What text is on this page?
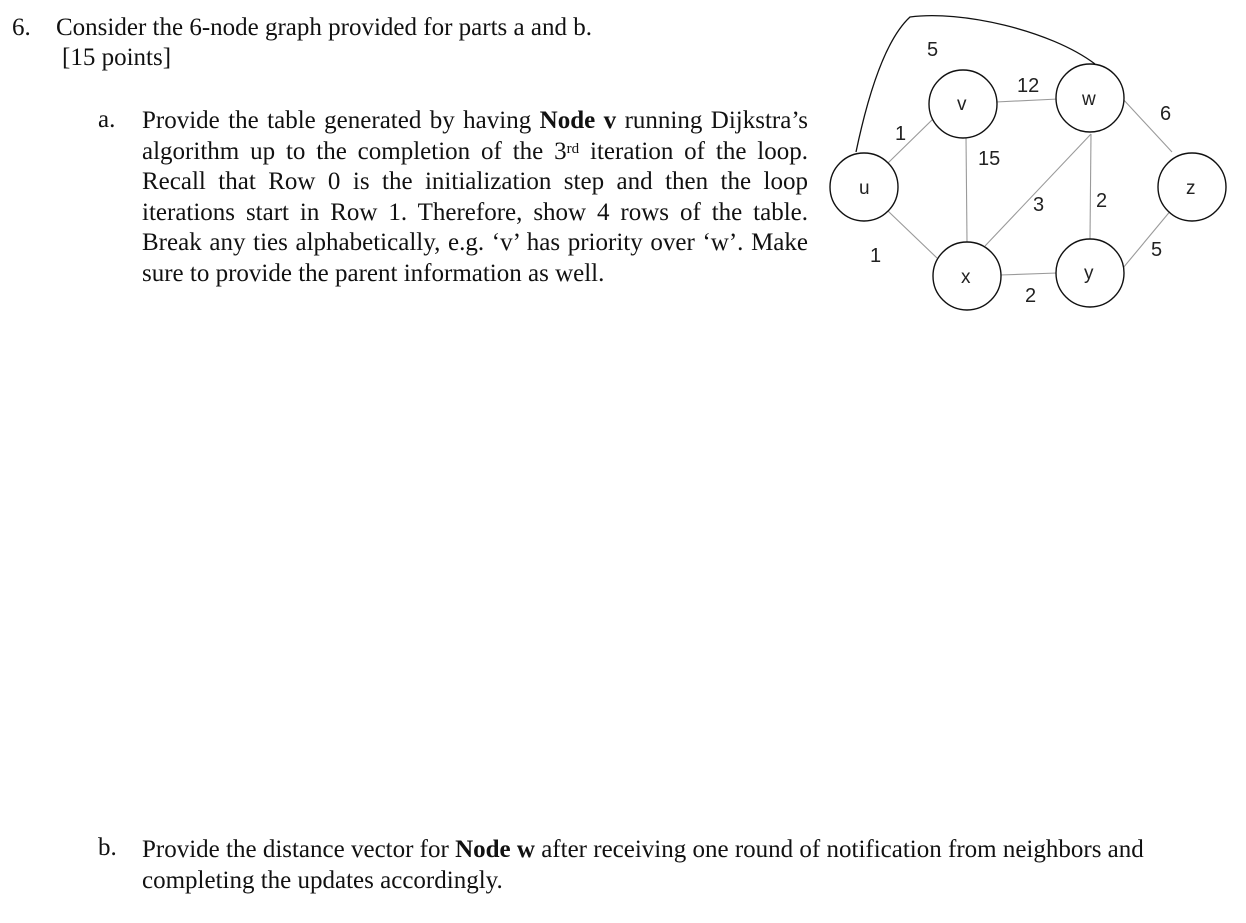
6. Consider the 6-node graph provided for parts a and b.
[15 points]
a. Provide the table generated by having Node v running Dijkstra’s algorithm up to the completion of the 3rd iteration of the loop. Recall that Row 0 is the initialization step and then the loop iterations start in Row 1. Therefore, show 4 rows of the table. Break any ties alphabetically, e.g. ‘v’ has priority over ‘w’. Make sure to provide the parent information as well.
b. Provide the distance vector for Node w after receiving one round of notification from neighbors and completing the updates accordingly.
5
1
1
12
15
3	2
2
6
5
u
v	w
x	y
z
